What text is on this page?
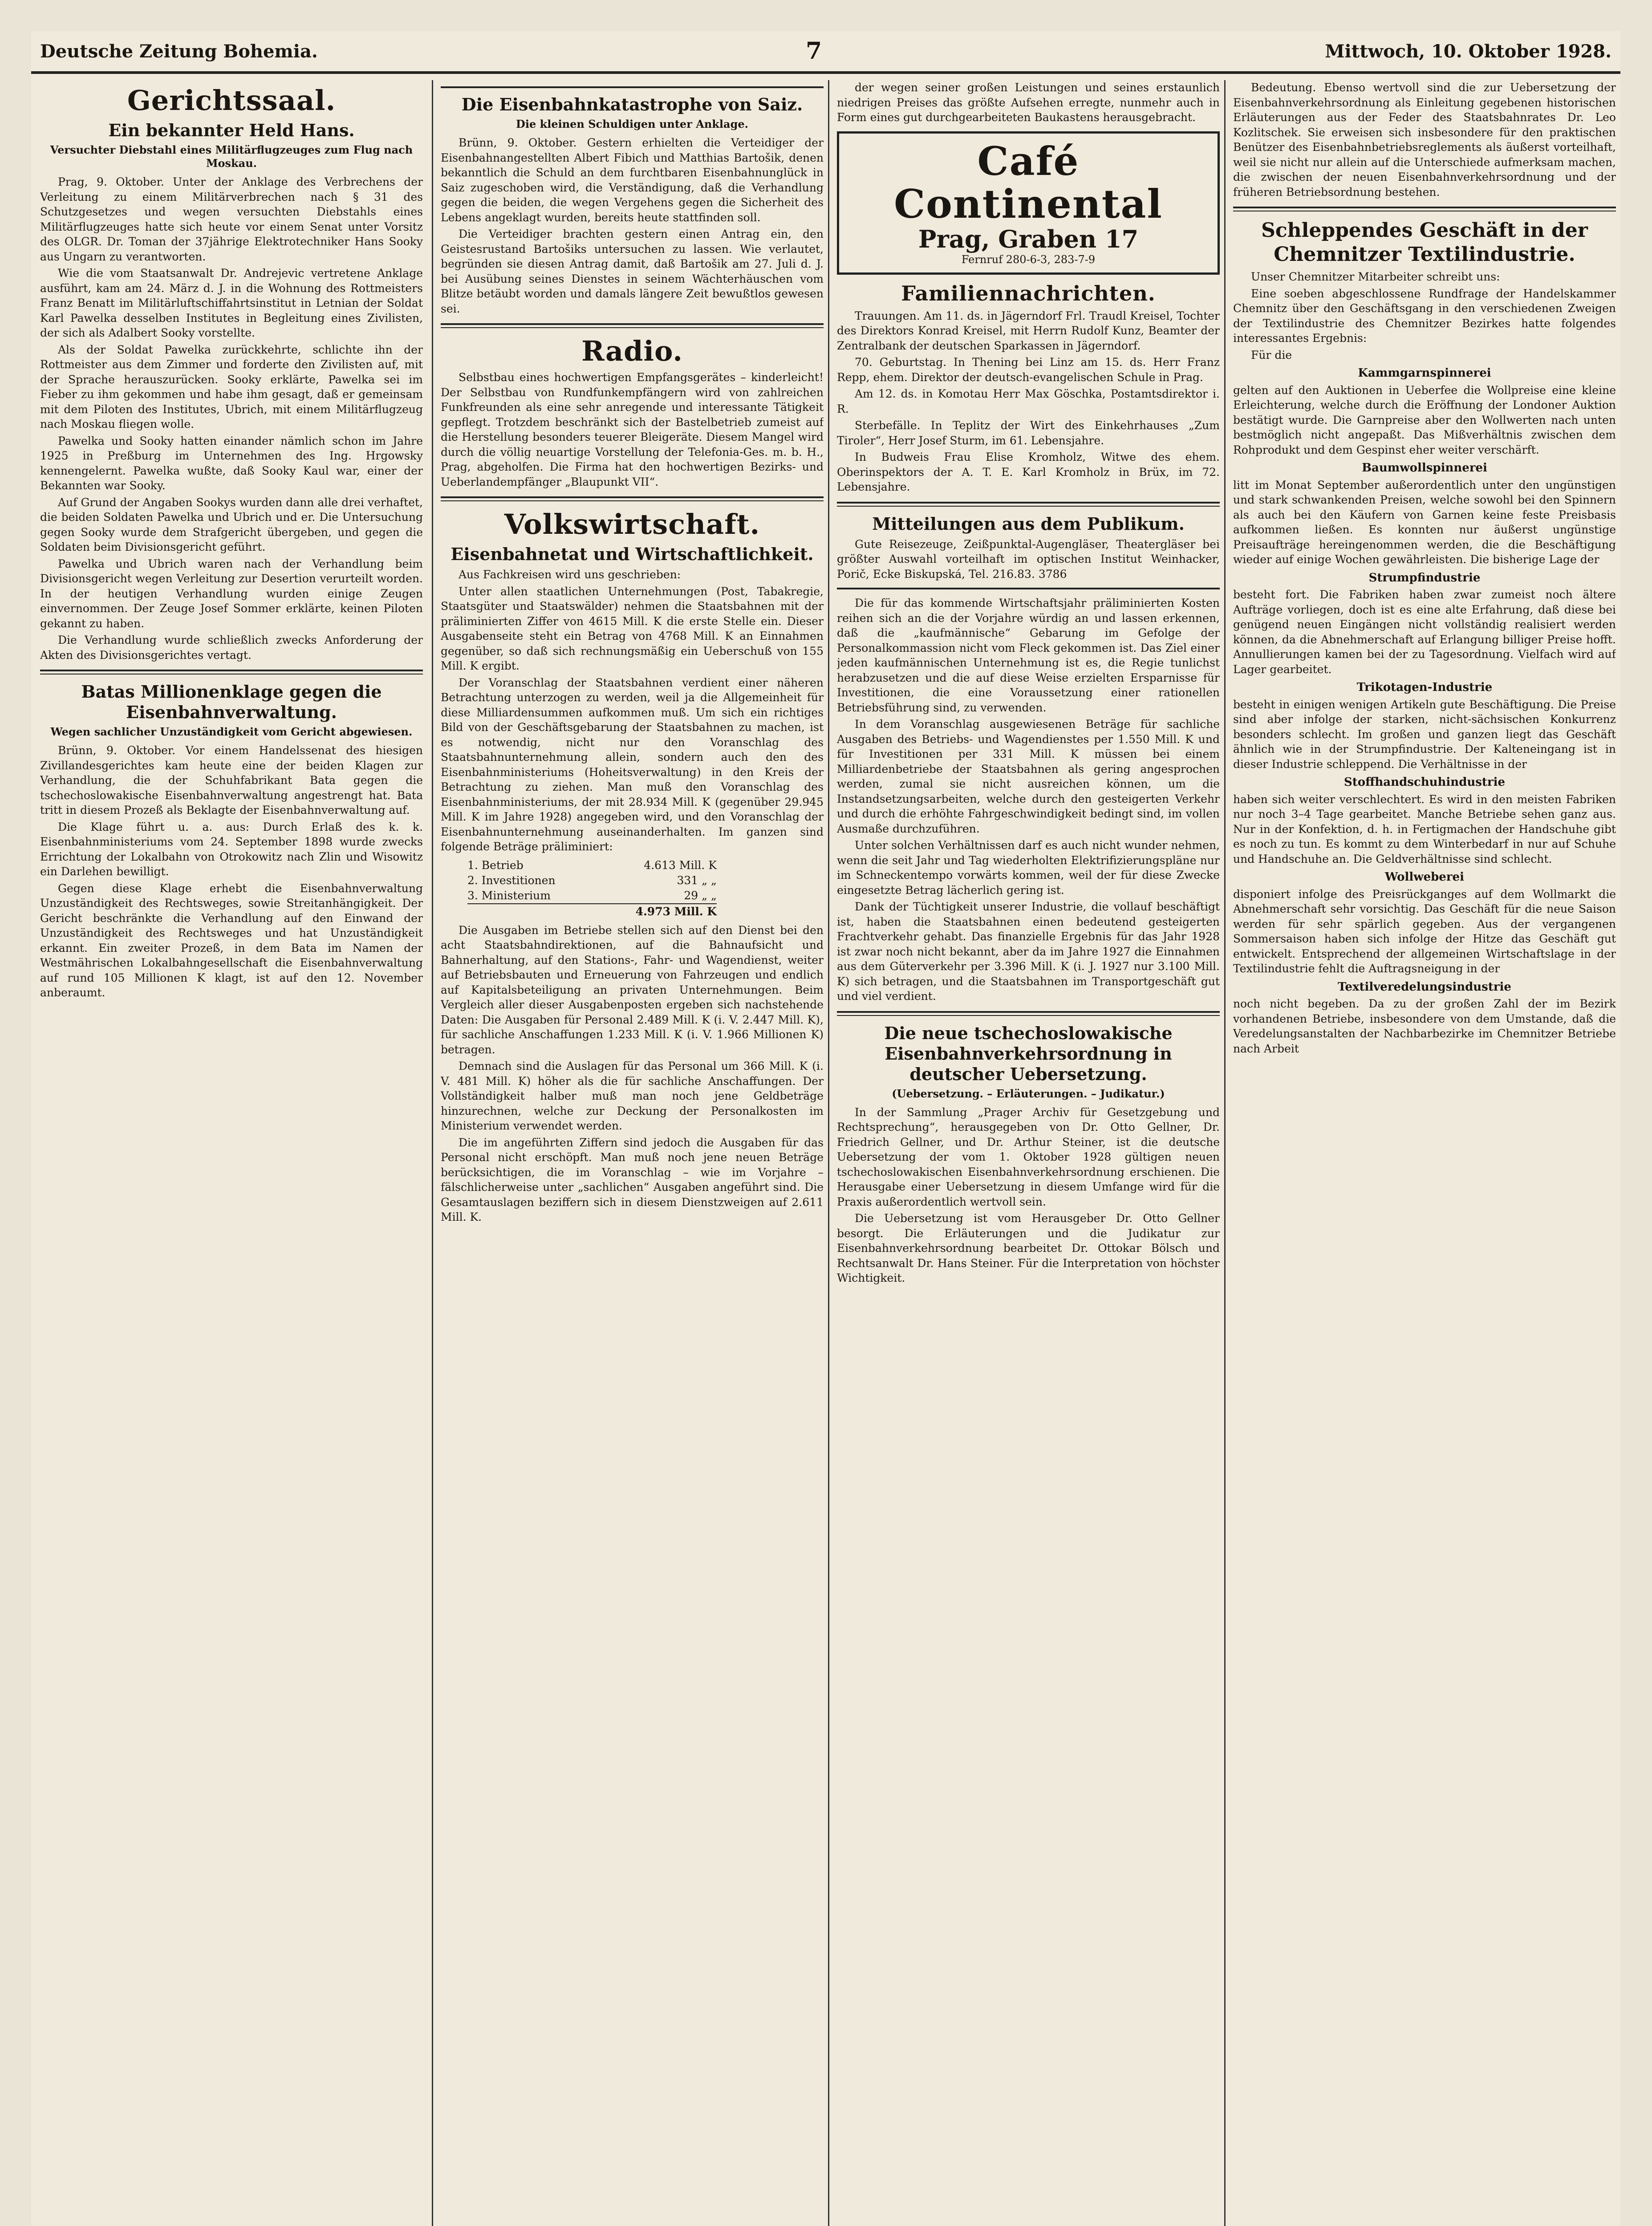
Deutsche Zeitung Bohemia.	7	Mittwoch, 10. Oktober 1928.
Gerichtssaal.
Ein bekannter Held Hans.
Versuchter Diebstahl eines Militärflugzeuges zum Flug nach Moskau.

Prag, 9. Oktober. Unter der Anklage des Verbrechens der Verleitung zu einem Militärverbrechen nach § 31 des Schutzgesetzes und wegen versuchten Diebstahls eines Militärflugzeuges hatte sich heute vor einem Senat unter Vorsitz des OLGR. Dr. Toman der 37jährige Elektrotechniker Hans Sooky aus Ungarn zu verantworten.

Wie die vom Staatsanwalt Dr. Andrejevic vertretene Anklage ausführt, kam am 24. März d. J. in die Wohnung des Rottmeisters Franz Benatt im Militärluftschiffahrtsinstitut in Letnian der Soldat Karl Pawelka desselben Institutes in Begleitung eines Zivilisten, der sich als Adalbert Sooky vorstellte.

Als der Soldat Pawelka zurückkehrte, schlichte ihn der Rottmeister aus dem Zimmer und forderte den Zivilisten auf, mit der Sprache herauszurücken. Sooky erklärte, Pawelka sei im Fieber zu ihm gekommen und habe ihm gesagt, daß er gemeinsam mit dem Piloten des Institutes, Ubrich, mit einem Militärflugzeug nach Moskau fliegen wolle.

Pawelka und Sooky hatten einander nämlich schon im Jahre 1925 in Preßburg im Unternehmen des Ing. Hrgowsky kennengelernt. Pawelka wußte, daß Sooky Kaul war, einer der Bekannten war Sooky.

Auf Grund der Angaben Sookys wurden dann alle drei verhaftet, die beiden Soldaten Pawelka und Ubrich und er. Die Untersuchung gegen Sooky wurde dem Strafgericht übergeben, und gegen die Soldaten beim Divisionsgericht geführt.

Pawelka und Ubrich waren nach der Verhandlung beim Divisionsgericht wegen Verleitung zur Desertion verurteilt worden. In der heutigen Verhandlung wurden einige Zeugen einvernommen. Der Zeuge Josef Sommer erklärte, keinen Piloten gekannt zu haben.

Die Verhandlung wurde schließlich zwecks Anforderung der Akten des Divisionsgerichtes vertagt.

Batas Millionenklage gegen die Eisenbahnverwaltung.
Wegen sachlicher Unzuständigkeit vom Gericht abgewiesen.

Brünn, 9. Oktober. Vor einem Handelssenat des hiesigen Zivillandesgerichtes kam heute eine der beiden Klagen zur Verhandlung, die der Schuhfabrikant Bata gegen die tschechoslowakische Eisenbahnverwaltung angestrengt hat. Bata tritt in diesem Prozeß als Beklagte der Eisenbahnverwaltung auf.

Die Klage führt u. a. aus: Durch Erlaß des k. k. Eisenbahnministeriums vom 24. September 1898 wurde zwecks Errichtung der Lokalbahn von Otrokowitz nach Zlin und Wisowitz ein Darlehen bewilligt.

Gegen diese Klage erhebt die Eisenbahnverwaltung Unzuständigkeit des Rechtsweges, sowie Streitanhängigkeit. Der Gericht beschränkte die Verhandlung auf den Einwand der Unzuständigkeit des Rechtsweges und hat Unzuständigkeit erkannt. Ein zweiter Prozeß, in dem Bata im Namen der Westmährischen Lokalbahngesellschaft die Eisenbahnverwaltung auf rund 105 Millionen K klagt, ist auf den 12. November anberaumt.

Die Eisenbahnkatastrophe von Saiz.
Die kleinen Schuldigen unter Anklage.

Brünn, 9. Oktober. Gestern erhielten die Verteidiger der Eisenbahnangestellten Albert Fibich und Matthias Bartošik, denen bekanntlich die Schuld an dem furchtbaren Eisenbahnunglück in Saiz zugeschoben wird, die Verständigung, daß die Verhandlung gegen die beiden, die wegen Vergehens gegen die Sicherheit des Lebens angeklagt wurden, bereits heute stattfinden soll.

Die Verteidiger brachten gestern einen Antrag ein, den Geistesrustand Bartošiks untersuchen zu lassen. Wie verlautet, begründen sie diesen Antrag damit, daß Bartošik am 27. Juli d. J. bei Ausübung seines Dienstes in seinem Wächterhäuschen vom Blitze betäubt worden und damals längere Zeit bewußtlos gewesen sei.

Radio.

Selbstbau eines hochwertigen Empfangsgerätes – kinderleicht! Der Selbstbau von Rundfunkempfängern wird von zahlreichen Funkfreunden als eine sehr anregende und interessante Tätigkeit gepflegt. Trotzdem beschränkt sich der Bastelbetrieb zumeist auf die Herstellung besonders teuerer Bleigeräte. Diesem Mangel wird durch die völlig neuartige Vorstellung der Telefonia-Ges. m. b. H., Prag, abgeholfen. Die Firma hat den hochwertigen Bezirks- und Ueberlandempfänger „Blaupunkt VII“.

Volkswirtschaft.
Eisenbahnetat und Wirtschaftlichkeit.

Aus Fachkreisen wird uns geschrieben:

Unter allen staatlichen Unternehmungen (Post, Tabakregie, Staatsgüter und Staatswälder) nehmen die Staatsbahnen mit der präliminierten Ziffer von 4615 Mill. K die erste Stelle ein. Dieser Ausgabenseite steht ein Betrag von 4768 Mill. K an Einnahmen gegenüber, so daß sich rechnungsmäßig ein Ueberschuß von 155 Mill. K ergibt.

Der Voranschlag der Staatsbahnen verdient einer näheren Betrachtung unterzogen zu werden, weil ja die Allgemeinheit für diese Milliardensummen aufkommen muß. Um sich ein richtiges Bild von der Geschäftsgebarung der Staatsbahnen zu machen, ist es notwendig, nicht nur den Voranschlag des Staatsbahnunternehmung allein, sondern auch den des Eisenbahnministeriums (Hoheitsverwaltung) in den Kreis der Betrachtung zu ziehen. Man muß den Voranschlag des Eisenbahnministeriums, der mit 28.934 Mill. K (gegenüber 29.945 Mill. K im Jahre 1928) angegeben wird, und den Voranschlag der Eisenbahnunternehmung auseinanderhalten. Im ganzen sind folgende Beträge präliminiert:

1. Betrieb	4.613 Mill. K
2. Investitionen	331 „ „
3. Ministerium	29 „ „
4.973 Mill. K

Die Ausgaben im Betriebe stellen sich auf den Dienst bei den acht Staatsbahndirektionen, auf die Bahnaufsicht und Bahnerhaltung, auf den Stations-, Fahr- und Wagendienst, weiter auf Betriebsbauten und Erneuerung von Fahrzeugen und endlich auf Kapitalsbeteiligung an privaten Unternehmungen. Beim Vergleich aller dieser Ausgabenposten ergeben sich nachstehende Daten: Die Ausgaben für Personal 2.489 Mill. K (i. V. 2.447 Mill. K), für sachliche Anschaffungen 1.233 Mill. K (i. V. 1.966 Millionen K) betragen.

Demnach sind die Auslagen für das Personal um 366 Mill. K (i. V. 481 Mill. K) höher als die für sachliche Anschaffungen. Der Vollständigkeit halber muß man noch jene Geldbeträge hinzurechnen, welche zur Deckung der Personalkosten im Ministerium verwendet werden.

Die im angeführten Ziffern sind jedoch die Ausgaben für das Personal nicht erschöpft. Man muß noch jene neuen Beträge berücksichtigen, die im Voranschlag – wie im Vorjahre – fälschlicherweise unter „sachlichen“ Ausgaben angeführt sind. Die Gesamtauslagen beziffern sich in diesem Dienstzweigen auf 2.611 Mill. K.

der wegen seiner großen Leistungen und seines erstaunlich niedrigen Preises das größte Aufsehen erregte, nunmehr auch in Form eines gut durchgearbeiteten Baukastens herausgebracht.

Café Continental
Prag, Graben 17
Fernruf 280-6-3, 283-7-9
Familiennachrichten.

Trauungen. Am 11. ds. in Jägerndorf Frl. Traudl Kreisel, Tochter des Direktors Konrad Kreisel, mit Herrn Rudolf Kunz, Beamter der Zentralbank der deutschen Sparkassen in Jägerndorf.

70. Geburtstag. In Thening bei Linz am 15. ds. Herr Franz Repp, ehem. Direktor der deutsch-evangelischen Schule in Prag.

Am 12. ds. in Komotau Herr Max Göschka, Postamtsdirektor i. R.

Sterbefälle. In Teplitz der Wirt des Einkehrhauses „Zum Tiroler“, Herr Josef Sturm, im 61. Lebensjahre.

In Budweis Frau Elise Kromholz, Witwe des ehem. Oberinspektors der A. T. E. Karl Kromholz in Brüx, im 72. Lebensjahre.

Mitteilungen aus dem Publikum.

Gute Reisezeuge, Zeißpunktal-Augengläser, Theatergläser bei größter Auswahl vorteilhaft im optischen Institut Weinhacker, Porič, Ecke Biskupská, Tel. 216.83. 3786

Die für das kommende Wirtschaftsjahr präliminierten Kosten reihen sich an die der Vorjahre würdig an und lassen erkennen, daß die „kaufmännische“ Gebarung im Gefolge der Personalkommassion nicht vom Fleck gekommen ist. Das Ziel einer jeden kaufmännischen Unternehmung ist es, die Regie tunlichst herabzusetzen und die auf diese Weise erzielten Ersparnisse für Investitionen, die eine Voraussetzung einer rationellen Betriebsführung sind, zu verwenden.

In dem Voranschlag ausgewiesenen Beträge für sachliche Ausgaben des Betriebs- und Wagendienstes per 1.550 Mill. K und für Investitionen per 331 Mill. K müssen bei einem Milliardenbetriebe der Staatsbahnen als gering angesprochen werden, zumal sie nicht ausreichen können, um die Instandsetzungsarbeiten, welche durch den gesteigerten Verkehr und durch die erhöhte Fahrgeschwindigkeit bedingt sind, im vollen Ausmaße durchzuführen.

Unter solchen Verhältnissen darf es auch nicht wunder nehmen, wenn die seit Jahr und Tag wiederholten Elektrifizierungspläne nur im Schneckentempo vorwärts kommen, weil der für diese Zwecke eingesetzte Betrag lächerlich gering ist.

Dank der Tüchtigkeit unserer Industrie, die vollauf beschäftigt ist, haben die Staatsbahnen einen bedeutend gesteigerten Frachtverkehr gehabt. Das finanzielle Ergebnis für das Jahr 1928 ist zwar noch nicht bekannt, aber da im Jahre 1927 die Einnahmen aus dem Güterverkehr per 3.396 Mill. K (i. J. 1927 nur 3.100 Mill. K) sich betragen, und die Staatsbahnen im Transportgeschäft gut und viel verdient.

Die neue tschechoslowakische Eisenbahnverkehrsordnung in deutscher Uebersetzung.
(Uebersetzung. – Erläuterungen. – Judikatur.)

In der Sammlung „Prager Archiv für Gesetzgebung und Rechtsprechung“, herausgegeben von Dr. Otto Gellner, Dr. Friedrich Gellner, und Dr. Arthur Steiner, ist die deutsche Uebersetzung der vom 1. Oktober 1928 gültigen neuen tschechoslowakischen Eisenbahnverkehrsordnung erschienen. Die Herausgabe einer Uebersetzung in diesem Umfange wird für die Praxis außerordentlich wertvoll sein.

Die Uebersetzung ist vom Herausgeber Dr. Otto Gellner besorgt. Die Erläuterungen und die Judikatur zur Eisenbahnverkehrsordnung bearbeitet Dr. Ottokar Bölsch und Rechtsanwalt Dr. Hans Steiner. Für die Interpretation von höchster Wichtigkeit.

Bedeutung. Ebenso wertvoll sind die zur Uebersetzung der Eisenbahnverkehrsordnung als Einleitung gegebenen historischen Erläuterungen aus der Feder des Staatsbahnrates Dr. Leo Kozlitschek. Sie erweisen sich insbesondere für den praktischen Benützer des Eisenbahnbetriebsreglements als äußerst vorteilhaft, weil sie nicht nur allein auf die Unterschiede aufmerksam machen, die zwischen der neuen Eisenbahnverkehrsordnung und der früheren Betriebsordnung bestehen.

Schleppendes Geschäft in der Chemnitzer Textilindustrie.

Unser Chemnitzer Mitarbeiter schreibt uns:

Eine soeben abgeschlossene Rundfrage der Handelskammer Chemnitz über den Geschäftsgang in den verschiedenen Zweigen der Textilindustrie des Chemnitzer Bezirkes hatte folgendes interessantes Ergebnis:

Für die

Kammgarnspinnerei

gelten auf den Auktionen in Ueberfee die Wollpreise eine kleine Erleichterung, welche durch die Eröffnung der Londoner Auktion bestätigt wurde. Die Garnpreise aber den Wollwerten nach unten bestmöglich nicht angepaßt. Das Mißverhältnis zwischen dem Rohprodukt und dem Gespinst eher weiter verschärft.

Baumwollspinnerei

litt im Monat September außerordentlich unter den ungünstigen und stark schwankenden Preisen, welche sowohl bei den Spinnern als auch bei den Käufern von Garnen keine feste Preisbasis aufkommen ließen. Es konnten nur äußerst ungünstige Preisaufträge hereingenommen werden, die die Beschäftigung wieder auf einige Wochen gewährleisten. Die bisherige Lage der

Strumpfindustrie

besteht fort. Die Fabriken haben zwar zumeist noch ältere Aufträge vorliegen, doch ist es eine alte Erfahrung, daß diese bei genügend neuen Eingängen nicht vollständig realisiert werden können, da die Abnehmerschaft auf Erlangung billiger Preise hofft. Annullierungen kamen bei der zu Tagesordnung. Vielfach wird auf Lager gearbeitet.

Trikotagen-Industrie

besteht in einigen wenigen Artikeln gute Beschäftigung. Die Preise sind aber infolge der starken, nicht-sächsischen Konkurrenz besonders schlecht. Im großen und ganzen liegt das Geschäft ähnlich wie in der Strumpfindustrie. Der Kalteneingang ist in dieser Industrie schleppend. Die Verhältnisse in der

Stoffhandschuhindustrie

haben sich weiter verschlechtert. Es wird in den meisten Fabriken nur noch 3–4 Tage gearbeitet. Manche Betriebe sehen ganz aus. Nur in der Konfektion, d. h. in Fertigmachen der Handschuhe gibt es noch zu tun. Es kommt zu dem Winterbedarf in nur auf Schuhe und Handschuhe an. Die Geldverhältnisse sind schlecht.

Wollweberei

disponiert infolge des Preisrückganges auf dem Wollmarkt die Abnehmerschaft sehr vorsichtig. Das Geschäft für die neue Saison werden für sehr spärlich gegeben. Aus der vergangenen Sommersaison haben sich infolge der Hitze das Geschäft gut entwickelt. Entsprechend der allgemeinen Wirtschaftslage in der Textilindustrie fehlt die Auftragsneigung in der

Textilveredelungsindustrie

noch nicht begeben. Da zu der großen Zahl der im Bezirk vorhandenen Betriebe, insbesondere von dem Umstande, daß die Veredelungsanstalten der Nachbarbezirke im Chemnitzer Betriebe nach Arbeit
